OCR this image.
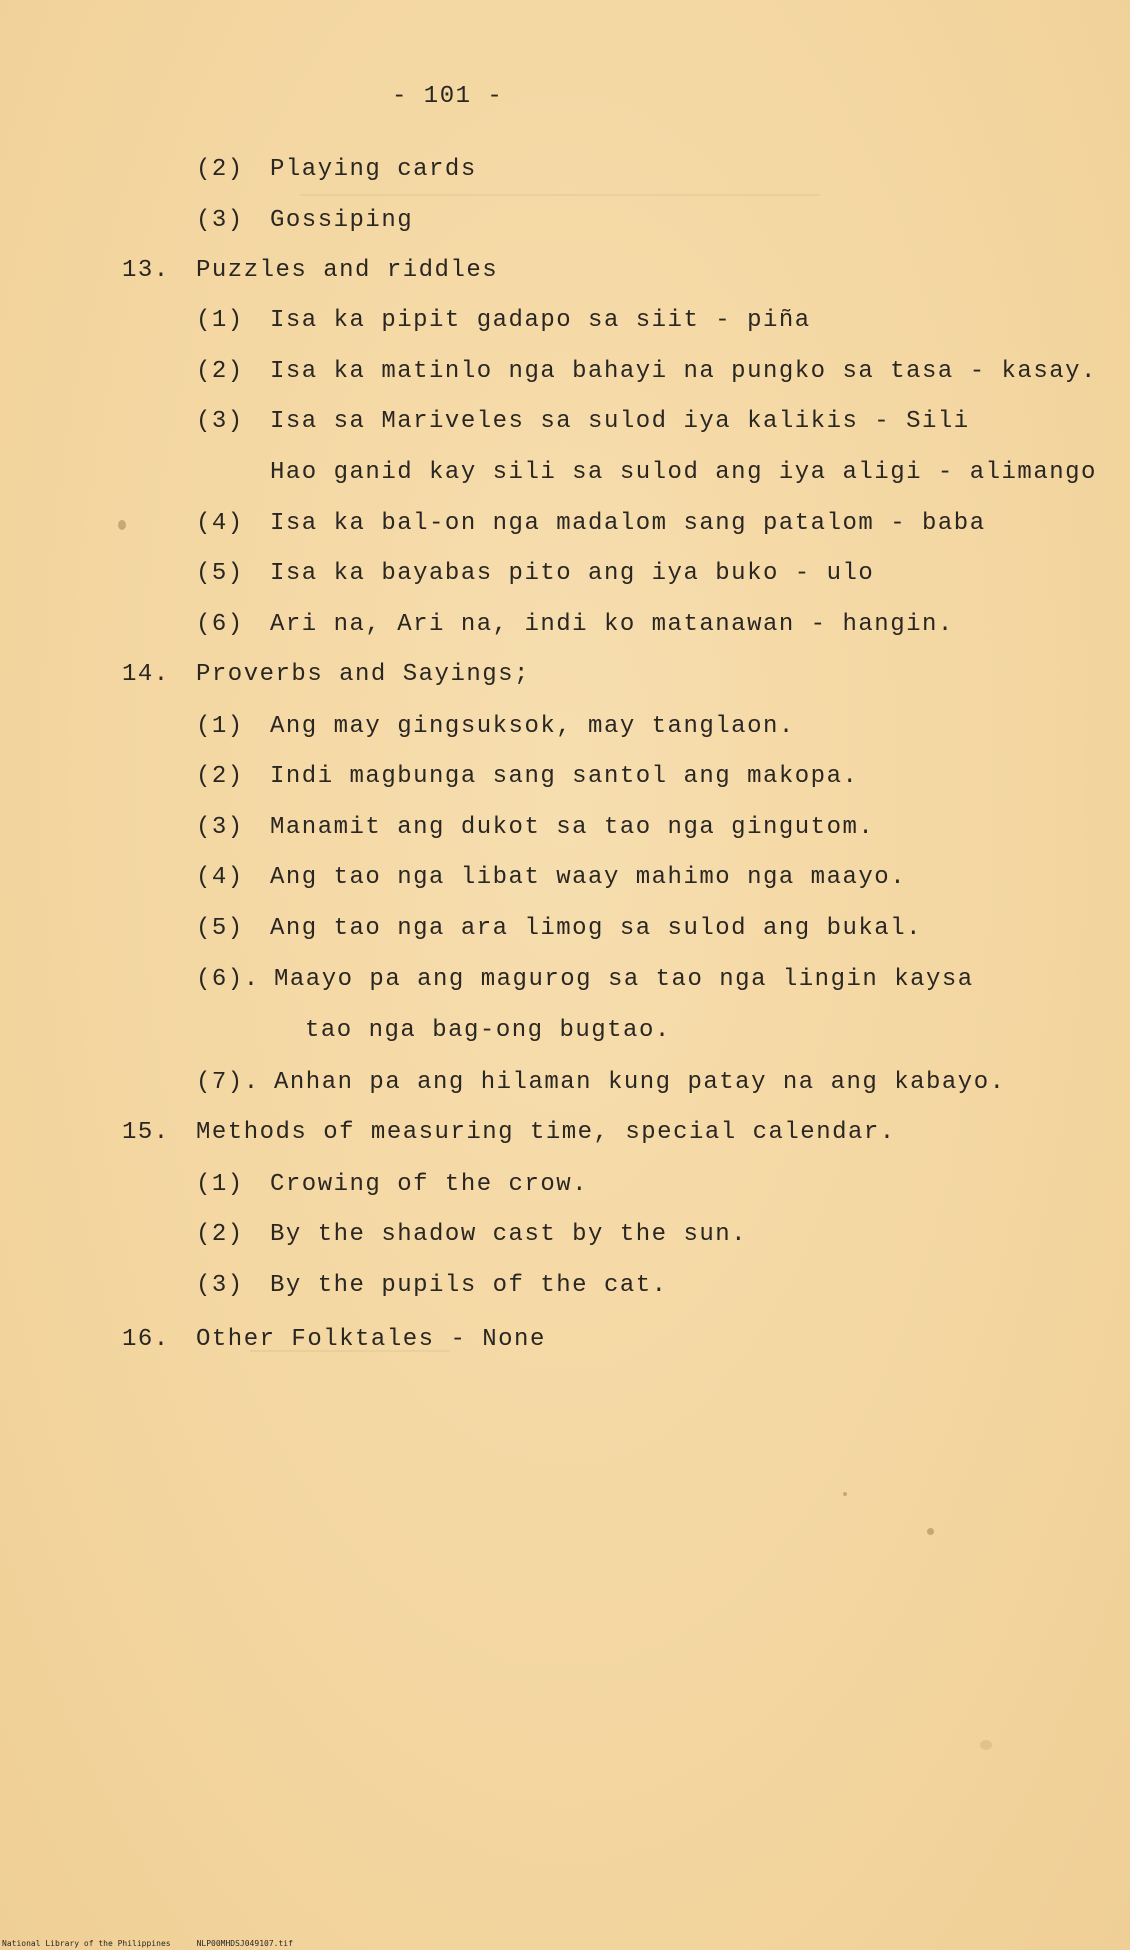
- 101 -
(2) Playing cards
(3) Gossiping
13. Puzzles and riddles
(1) Isa ka pipit gadapo sa siit - piña
(2) Isa ka matinlo nga bahayi na pungko sa tasa - kasay.
(3) Isa sa Mariveles sa sulod iya kalikis - Sili
Hao ganid kay sili sa sulod ang iya aligi - alimango
(4) Isa ka bal-on nga madalom sang patalom - baba
(5) Isa ka bayabas pito ang iya buko - ulo
(6) Ari na, Ari na, indi ko matanawan - hangin.
14. Proverbs and Sayings;
(1) Ang may gingsuksok, may tanglaon.
(2) Indi magbunga sang santol ang makopa.
(3) Manamit ang dukot sa tao nga gingutom.
(4) Ang tao nga libat waay mahimo nga maayo.
(5) Ang tao nga ara limog sa sulod ang bukal.
(6). Maayo pa ang magurog sa tao nga lingin kaysa
tao nga bag-ong bugtao.
(7). Anhan pa ang hilaman kung patay na ang kabayo.
15. Methods of measuring time, special calendar.
(1) Crowing of the crow.
(2) By the shadow cast by the sun.
(3) By the pupils of the cat.
16. Other Folktales - None
National Library of the Philippines	NLP00MHDSJ049107.tif
